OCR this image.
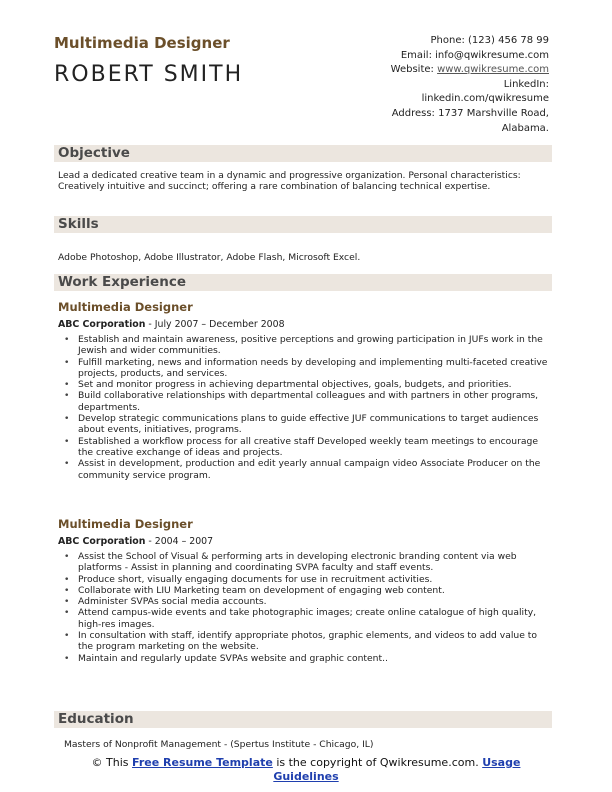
Multimedia Designer
ROBERT SMITH
Phone: (123) 456 78 99
Email: info@qwikresume.com
Website: www.qwikresume.com
LinkedIn:
linkedin.com/qwikresume
Address: 1737 Marshville Road,
Alabama.
Objective
Lead a dedicated creative team in a dynamic and progressive organization. Personal characteristics: Creatively intuitive and succinct; offering a rare combination of balancing technical expertise.
Skills
Adobe Photoshop, Adobe Illustrator, Adobe Flash, Microsoft Excel.
Work Experience
Multimedia Designer
ABC Corporation - July 2007 – December 2008
• Establish and maintain awareness, positive perceptions and growing participation in JUFs work in the Jewish and wider communities.
• Fulfill marketing, news and information needs by developing and implementing multi-faceted creative projects, products, and services.
• Set and monitor progress in achieving departmental objectives, goals, budgets, and priorities.
• Build collaborative relationships with departmental colleagues and with partners in other programs, departments.
• Develop strategic communications plans to guide effective JUF communications to target audiences about events, initiatives, programs.
• Established a workflow process for all creative staff Developed weekly team meetings to encourage the creative exchange of ideas and projects.
• Assist in development, production and edit yearly annual campaign video Associate Producer on the community service program.
Multimedia Designer
ABC Corporation - 2004 – 2007
• Assist the School of Visual & performing arts in developing electronic branding content via web platforms - Assist in planning and coordinating SVPA faculty and staff events.
• Produce short, visually engaging documents for use in recruitment activities.
• Collaborate with LIU Marketing team on development of engaging web content.
• Administer SVPAs social media accounts.
• Attend campus-wide events and take photographic images; create online catalogue of high quality, high-res images.
• In consultation with staff, identify appropriate photos, graphic elements, and videos to add value to the program marketing on the website.
• Maintain and regularly update SVPAs website and graphic content..
Education
Masters of Nonprofit Management - (Spertus Institute - Chicago, IL)
© This Free Resume Template is the copyright of Qwikresume.com. Usage
Guidelines
